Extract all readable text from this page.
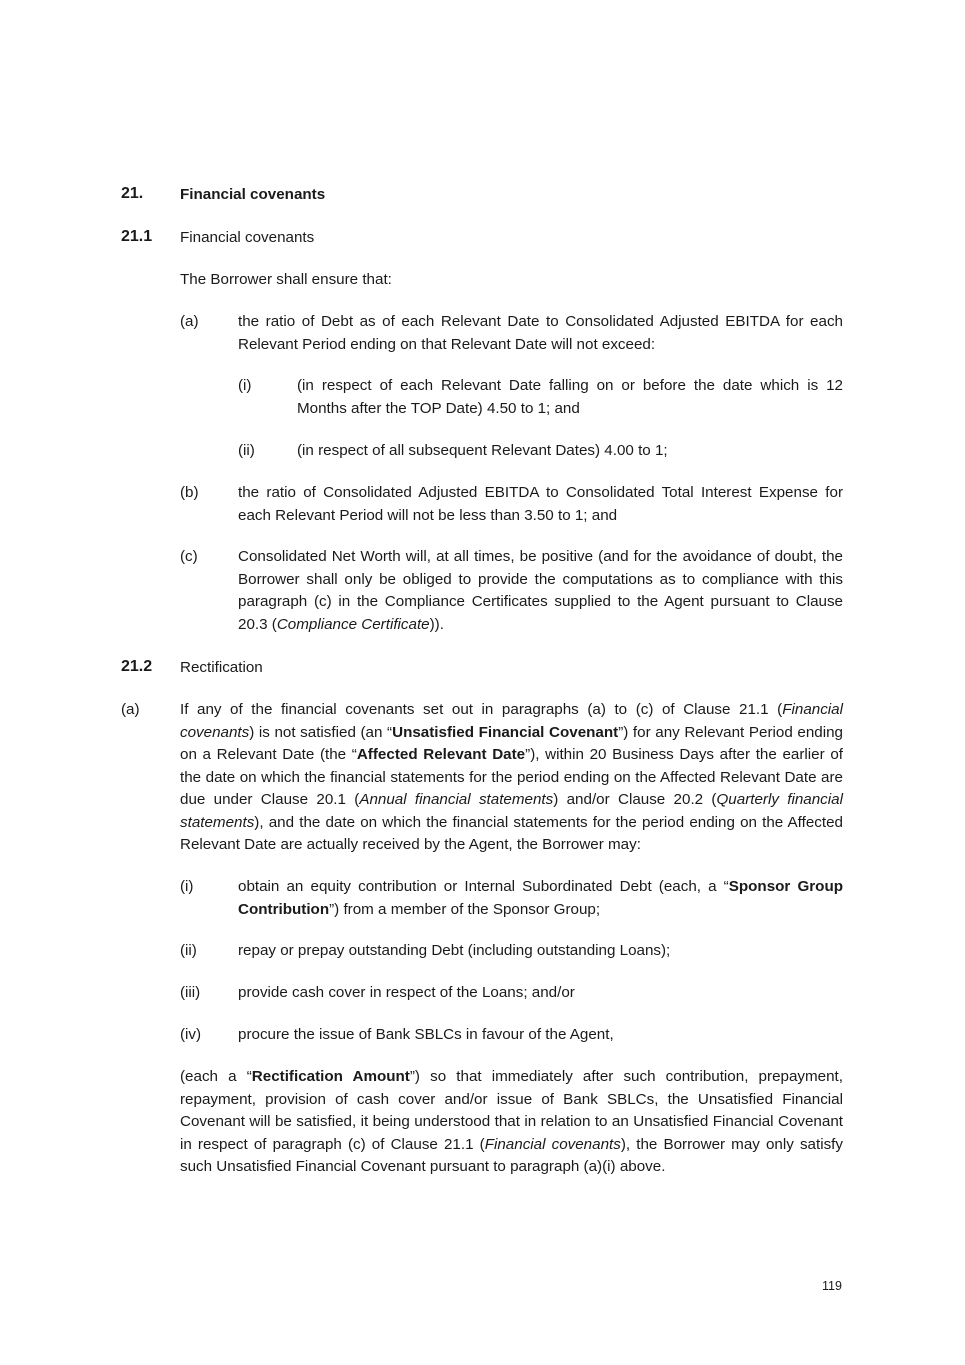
21. Financial covenants
21.1 Financial covenants
The Borrower shall ensure that:
(a)	the ratio of Debt as of each Relevant Date to Consolidated Adjusted EBITDA for each Relevant Period ending on that Relevant Date will not exceed:
(i)	(in respect of each Relevant Date falling on or before the date which is 12 Months after the TOP Date) 4.50 to 1; and
(ii)	(in respect of all subsequent Relevant Dates) 4.00 to 1;
(b)	the ratio of Consolidated Adjusted EBITDA to Consolidated Total Interest Expense for each Relevant Period will not be less than 3.50 to 1; and
(c)	Consolidated Net Worth will, at all times, be positive (and for the avoidance of doubt, the Borrower shall only be obliged to provide the computations as to compliance with this paragraph (c) in the Compliance Certificates supplied to the Agent pursuant to Clause 20.3 (Compliance Certificate)).
21.2 Rectification
(a)	If any of the financial covenants set out in paragraphs (a) to (c) of Clause 21.1 (Financial covenants) is not satisfied (an “Unsatisfied Financial Covenant”) for any Relevant Period ending on a Relevant Date (the “Affected Relevant Date”), within 20 Business Days after the earlier of the date on which the financial statements for the period ending on the Affected Relevant Date are due under Clause 20.1 (Annual financial statements) and/or Clause 20.2 (Quarterly financial statements), and the date on which the financial statements for the period ending on the Affected Relevant Date are actually received by the Agent, the Borrower may:
(i)	obtain an equity contribution or Internal Subordinated Debt (each, a “Sponsor Group Contribution”) from a member of the Sponsor Group;
(ii)	repay or prepay outstanding Debt (including outstanding Loans);
(iii) provide cash cover in respect of the Loans; and/or
(iv) procure the issue of Bank SBLCs in favour of the Agent,
(each a “Rectification Amount”) so that immediately after such contribution, prepayment, repayment, provision of cash cover and/or issue of Bank SBLCs, the Unsatisfied Financial Covenant will be satisfied, it being understood that in relation to an Unsatisfied Financial Covenant in respect of paragraph (c) of Clause 21.1 (Financial covenants), the Borrower may only satisfy such Unsatisfied Financial Covenant pursuant to paragraph (a)(i) above.
119
